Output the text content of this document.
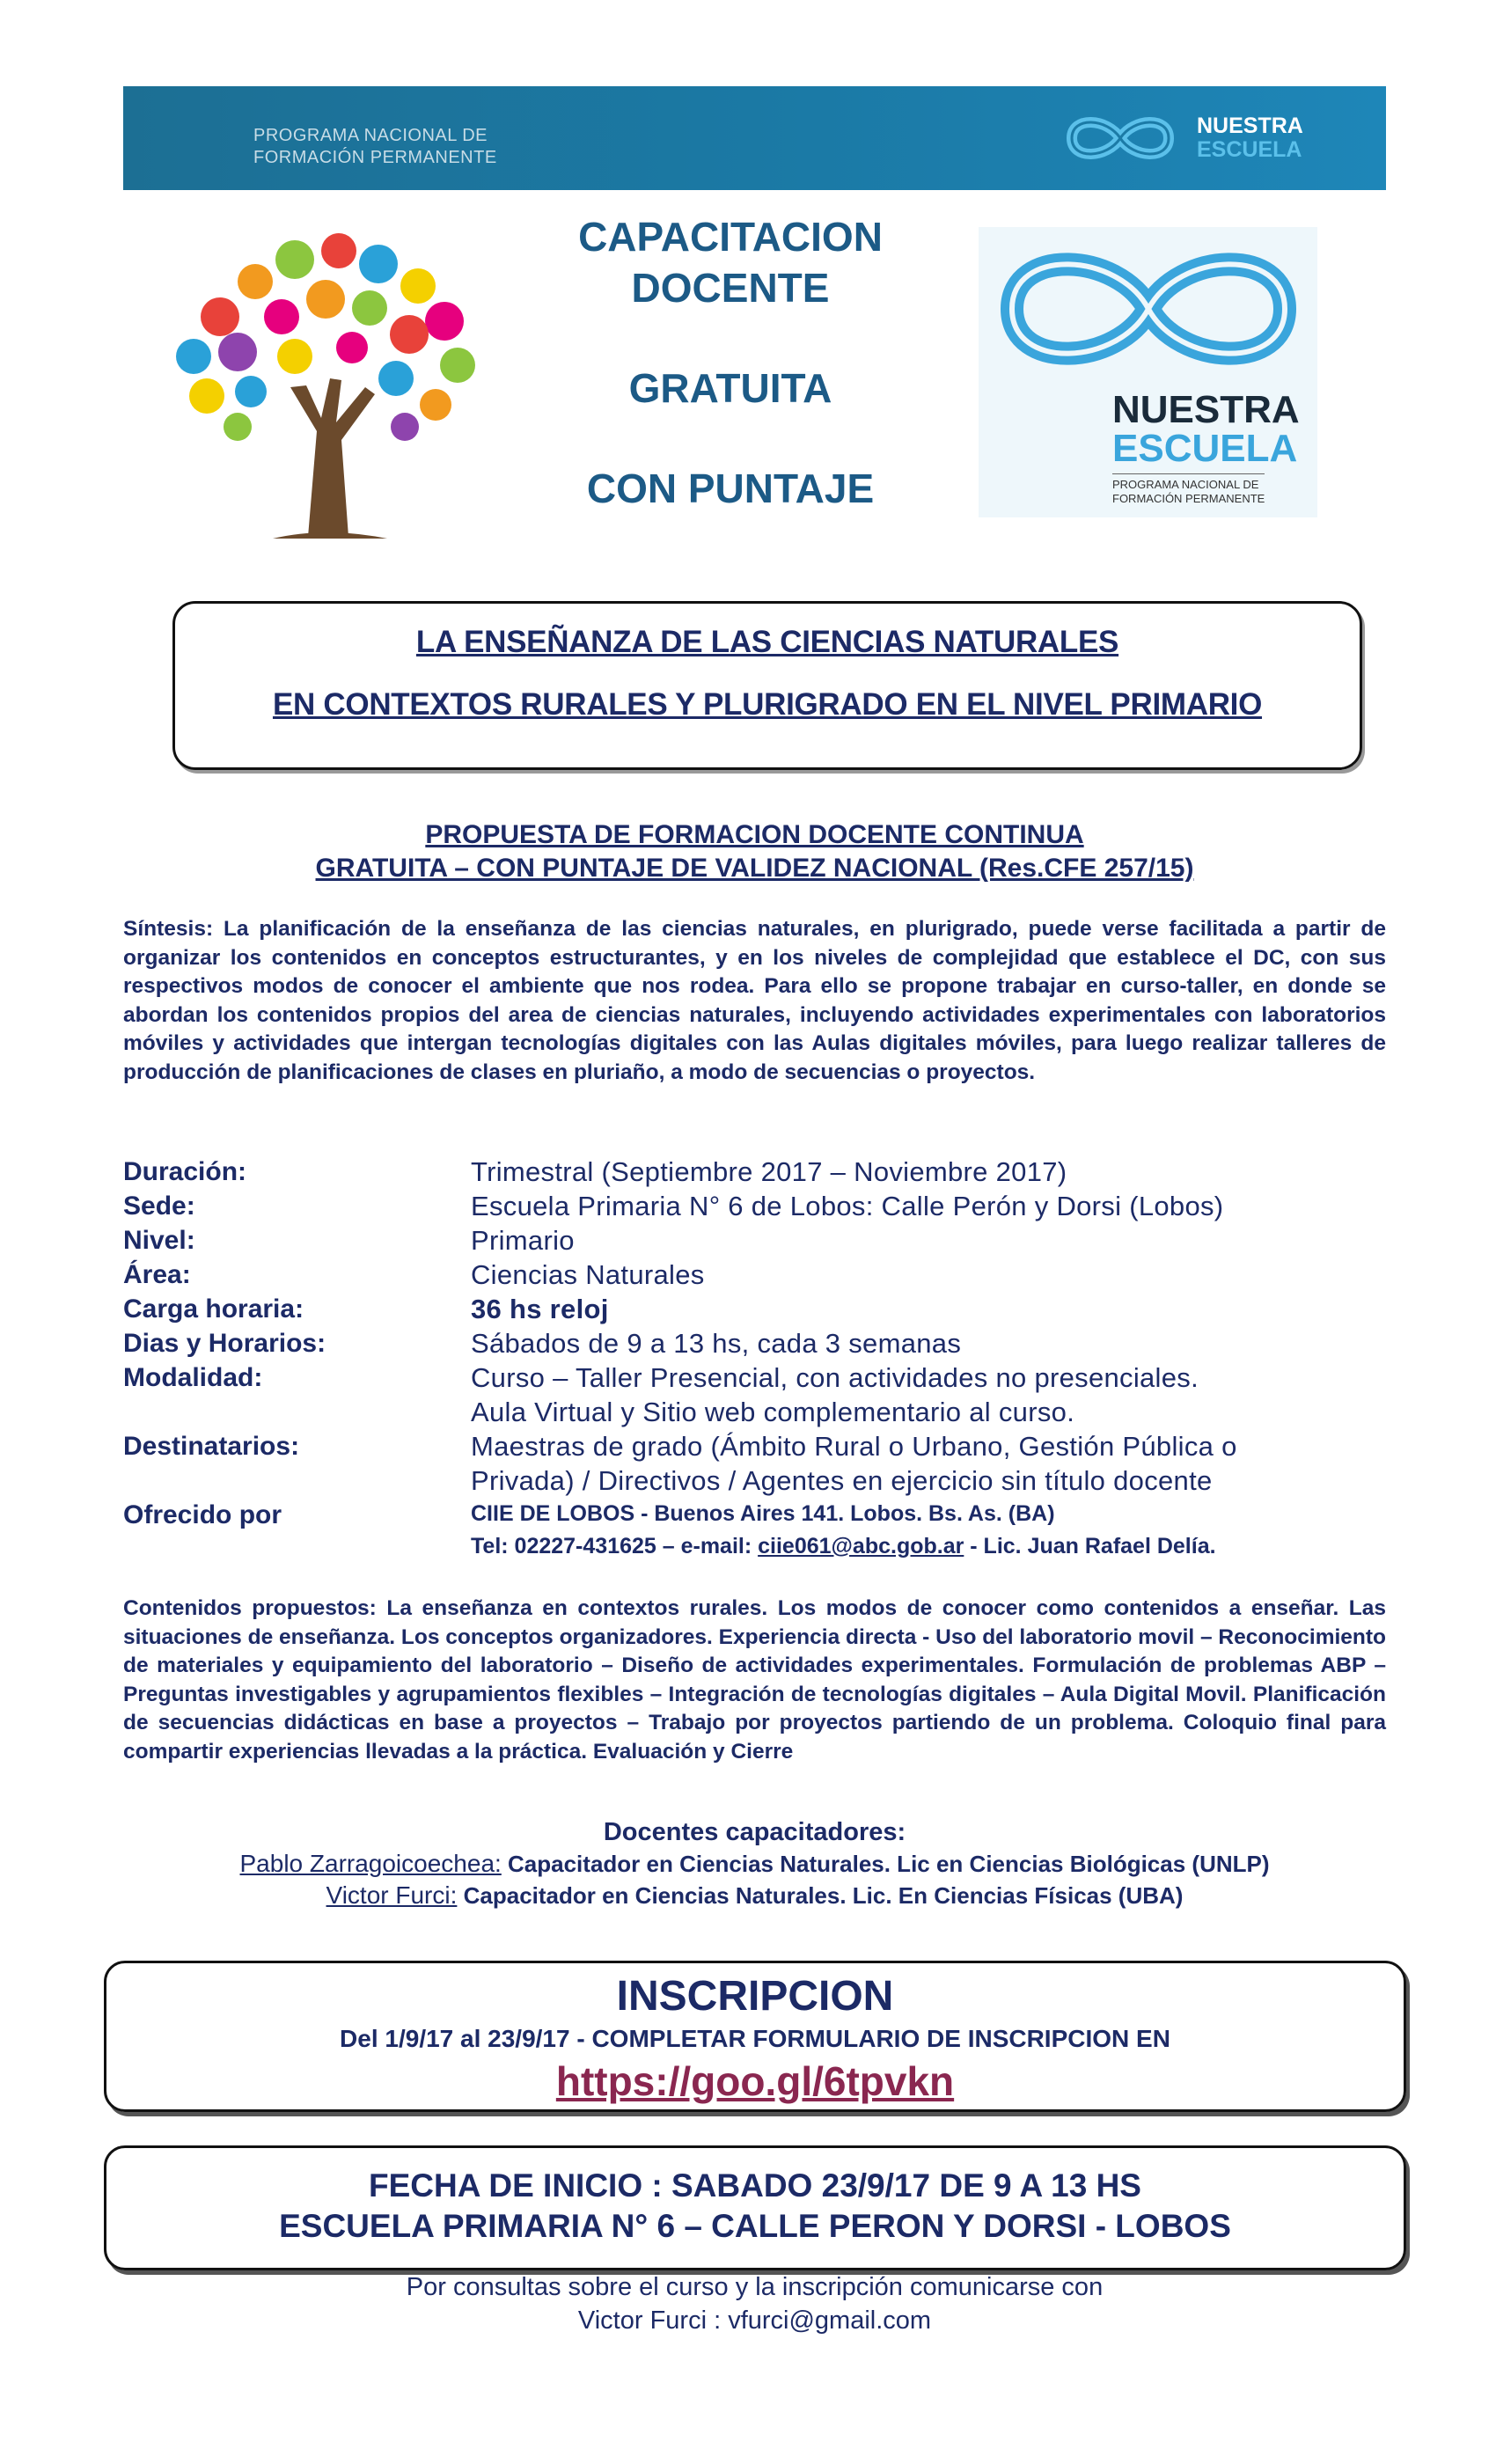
PROGRAMA NACIONAL DE
FORMACIÓN PERMANENTE
NUESTRA
ESCUELA
CAPACITACION
DOCENTE
GRATUITA
CON PUNTAJE
NUESTRA
ESCUELA
PROGRAMA NACIONAL DE
FORMACIÓN PERMANENTE
LA ENSEÑANZA DE LAS CIENCIAS NATURALES
EN CONTEXTOS RURALES Y PLURIGRADO EN EL NIVEL PRIMARIO
PROPUESTA DE FORMACION DOCENTE CONTINUA
GRATUITA – CON PUNTAJE DE VALIDEZ NACIONAL (Res.CFE 257/15)
Síntesis: La planificación de la enseñanza de las ciencias naturales, en plurigrado, puede verse facilitada a partir de organizar los contenidos en conceptos estructurantes, y en los niveles de complejidad que establece el DC, con sus respectivos modos de conocer el ambiente que nos rodea. Para ello se propone trabajar en curso-taller, en donde se abordan los contenidos propios del area de ciencias naturales, incluyendo actividades experimentales con laboratorios móviles y actividades que intergan tecnologías digitales con las Aulas digitales móviles, para luego realizar talleres de producción de planificaciones de clases en pluriaño, a modo de secuencias o proyectos.
Duración:	Trimestral (Septiembre 2017 – Noviembre 2017)
Sede:	Escuela Primaria N° 6 de Lobos: Calle Perón y Dorsi (Lobos)
Nivel:	Primario
Área:	Ciencias Naturales
Carga horaria:	36 hs reloj
Dias y Horarios:	Sábados de 9 a 13 hs, cada 3 semanas
Modalidad:	Curso – Taller Presencial, con actividades no presenciales.
Aula Virtual y Sitio web complementario al curso.
Destinatarios:	Maestras de grado (Ámbito Rural o Urbano, Gestión Pública o
Privada) / Directivos / Agentes en ejercicio sin título docente
Ofrecido por	CIIE DE LOBOS - Buenos Aires 141. Lobos. Bs. As. (BA)
Tel: 02227-431625 – e-mail: ciie061@abc.gob.ar - Lic. Juan Rafael Delía.
Contenidos propuestos: La enseñanza en contextos rurales. Los modos de conocer como contenidos a enseñar. Las situaciones de enseñanza. Los conceptos organizadores. Experiencia directa - Uso del laboratorio movil – Reconocimiento de materiales y equipamiento del laboratorio – Diseño de actividades experimentales. Formulación de problemas ABP – Preguntas investigables y agrupamientos flexibles – Integración de tecnologías digitales – Aula Digital Movil. Planificación de secuencias didácticas en base a proyectos – Trabajo por proyectos partiendo de un problema. Coloquio final para compartir experiencias llevadas a la práctica. Evaluación y Cierre
Docentes capacitadores:
Pablo Zarragoicoechea: Capacitador en Ciencias Naturales. Lic en Ciencias Biológicas (UNLP)
Victor Furci: Capacitador en Ciencias Naturales. Lic. En Ciencias Físicas (UBA)
INSCRIPCION
Del 1/9/17 al 23/9/17 - COMPLETAR FORMULARIO DE INSCRIPCION EN
https://goo.gl/6tpvkn
FECHA DE INICIO : SABADO 23/9/17 DE 9 A 13 HS
ESCUELA PRIMARIA N° 6 – CALLE PERON Y DORSI - LOBOS
Por consultas sobre el curso y la inscripción comunicarse con
Victor Furci : vfurci@gmail.com
